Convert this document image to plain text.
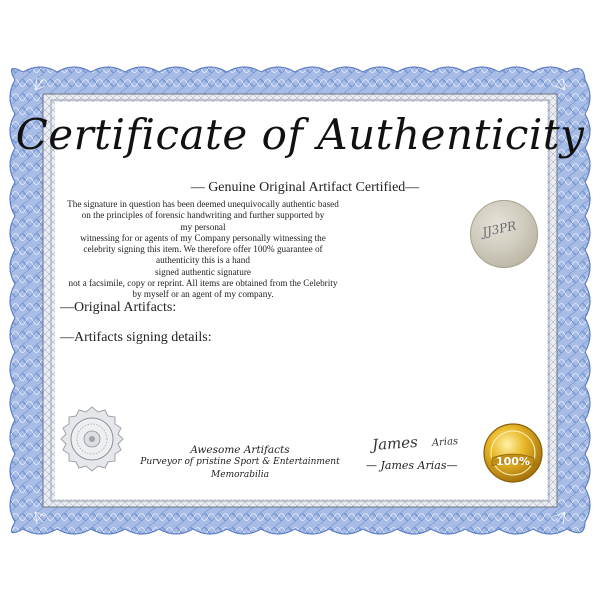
Certificate of Authenticity
— Genuine Original Artifact Certified—
The signature in question has been deemed unequivocally authentic based
on the principles of forensic handwriting and further supported by
my personal
witnessing for or agents of my Company personally witnessing the
celebrity signing this item. We therefore offer 100% guarantee of
authenticity this is a hand
signed authentic signature
not a facsimile, copy or reprint. All items are obtained from the Celebrity
by myself or an agent of my company.
—Original Artifacts:
—Artifacts signing details:
JJ3PR
Awesome Artifacts
Purveyor of pristine Sport & Entertainment Memorabilia
James Arias
— James Arias—	100%
